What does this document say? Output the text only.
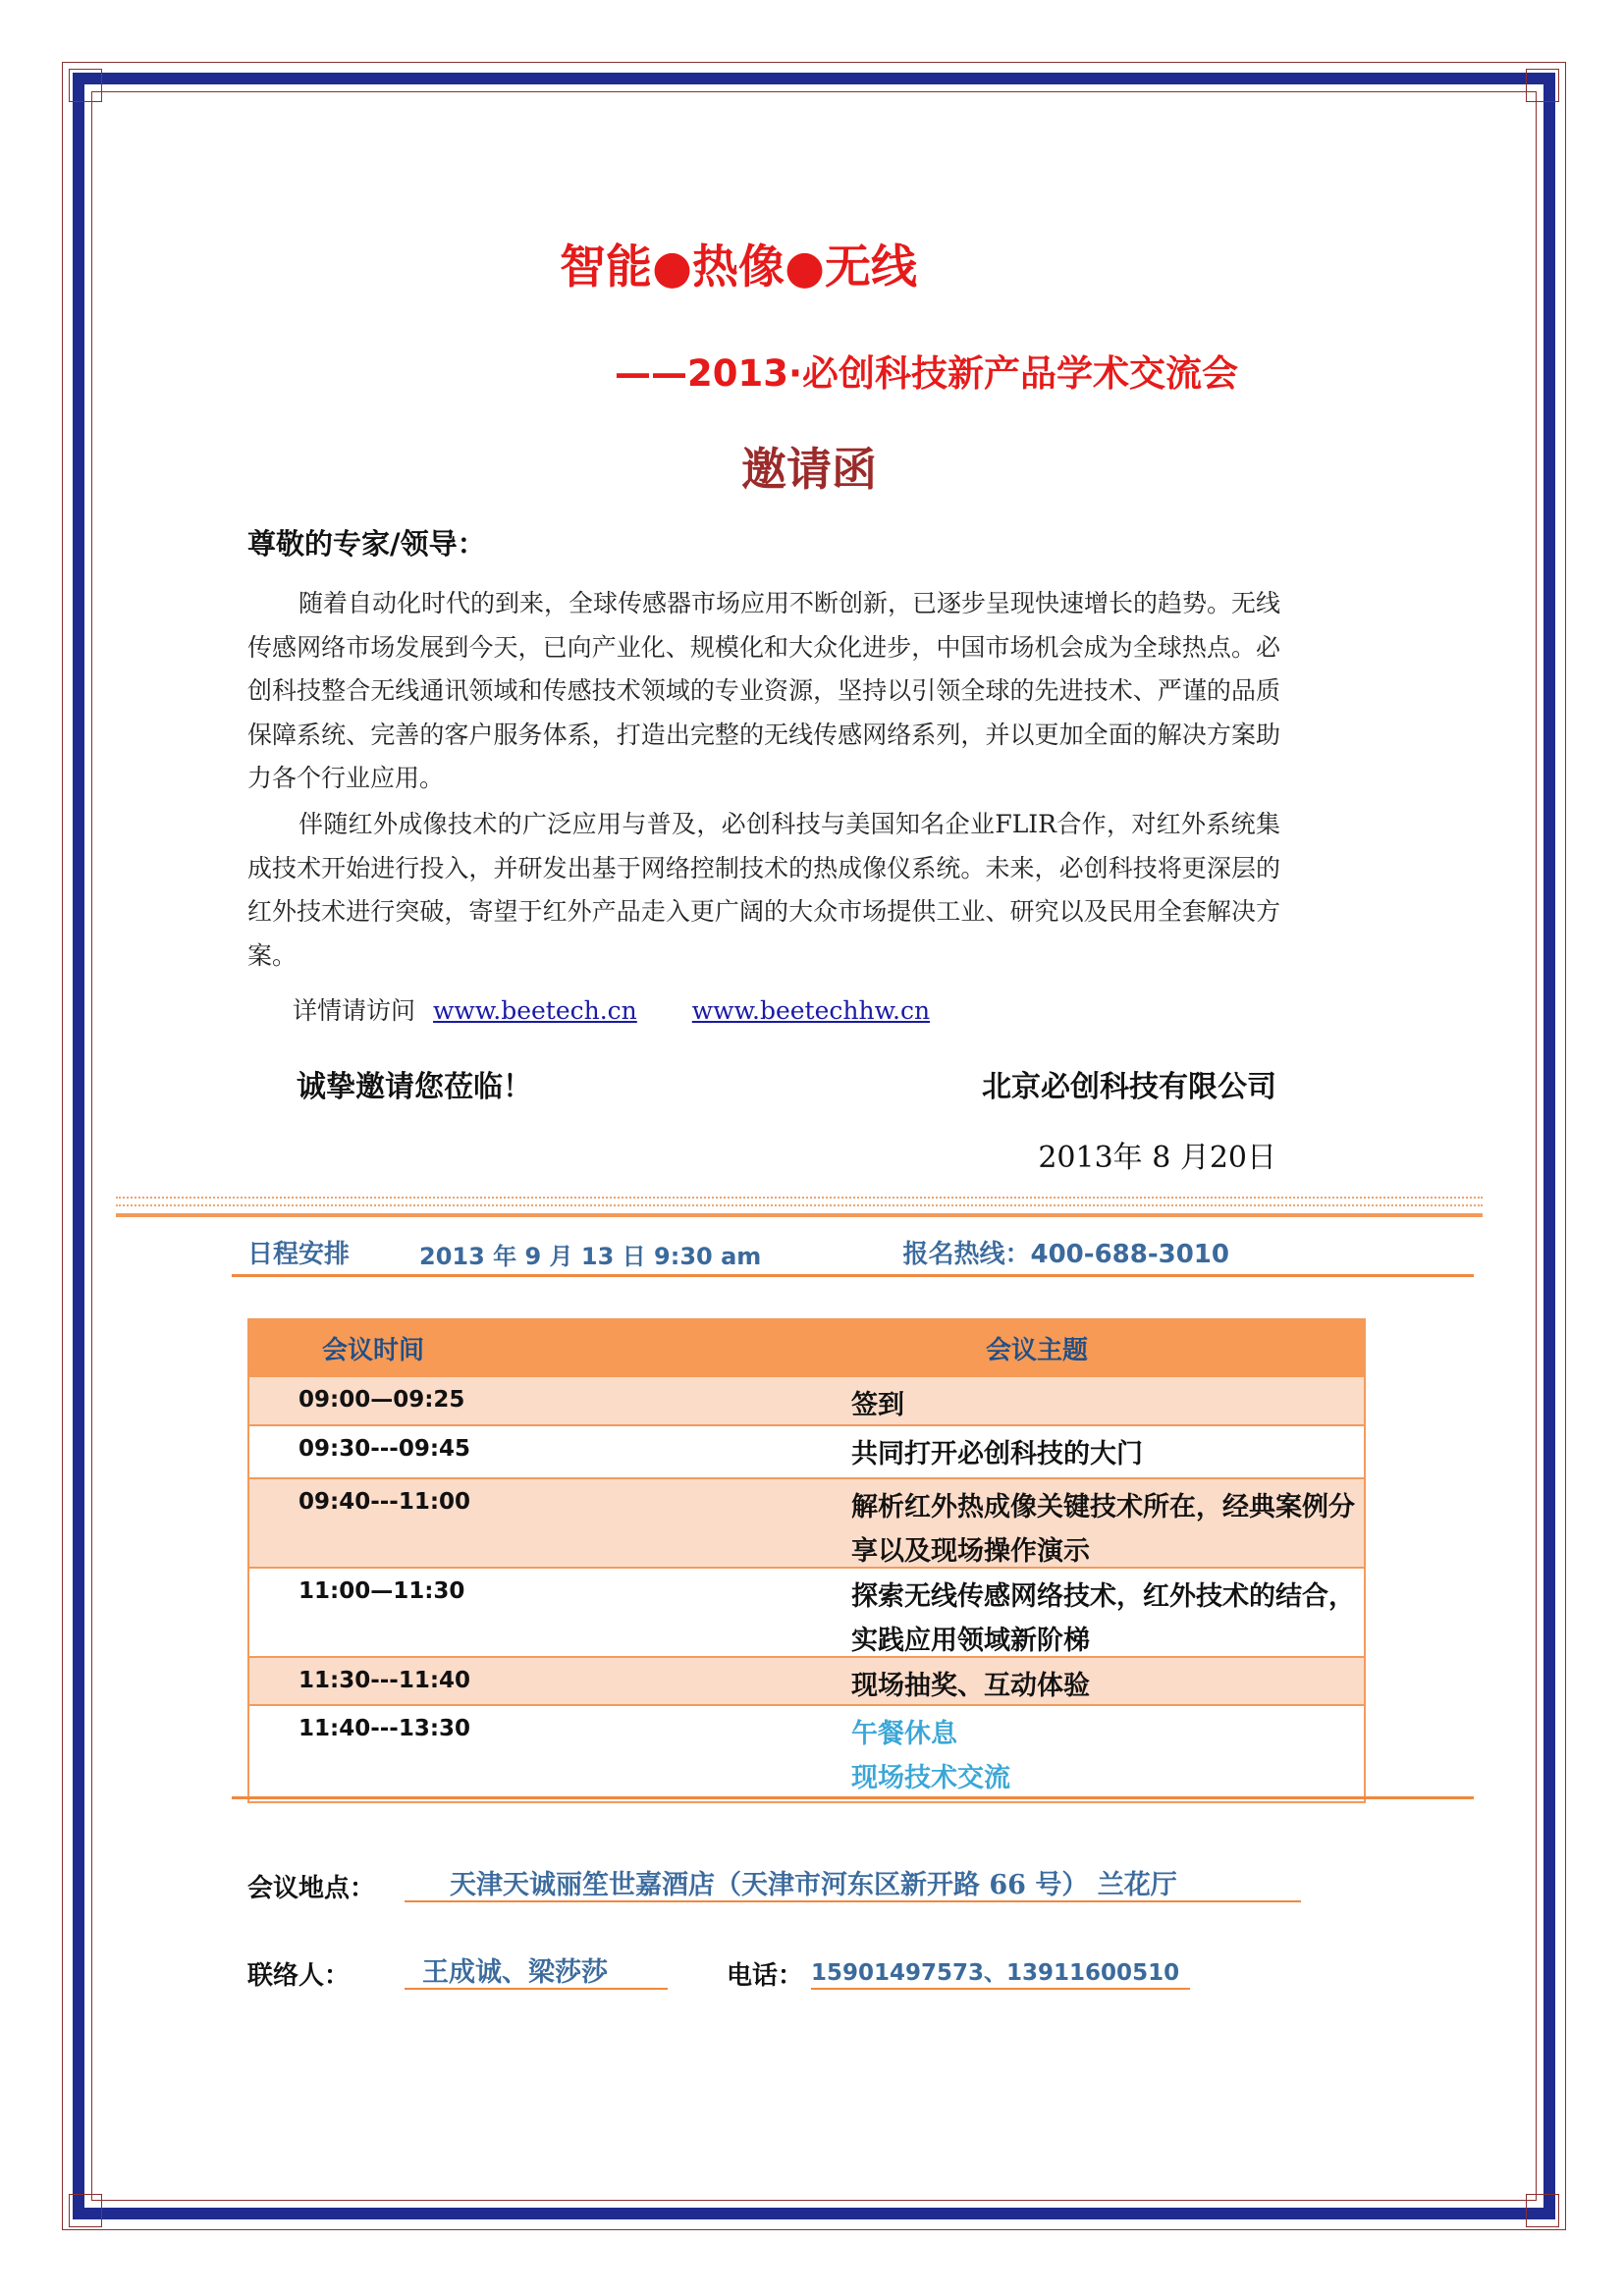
智能●热像●无线
——2013·必创科技新产品学术交流会
邀请函
尊敬的专家/领导：
随着自动化时代的到来，全球传感器市场应用不断创新，已逐步呈现快速增长的趋势。无线传感网络市场发展到今天，已向产业化、规模化和大众化进步，中国市场机会成为全球热点。必创科技整合无线通讯领域和传感技术领域的专业资源，坚持以引领全球的先进技术、严谨的品质保障系统、完善的客户服务体系，打造出完整的无线传感网络系列，并以更加全面的解决方案助力各个行业应用。
伴随红外成像技术的广泛应用与普及，必创科技与美国知名企业FLIR合作，对红外系统集成技术开始进行投入，并研发出基于网络控制技术的热成像仪系统。未来，必创科技将更深层的红外技术进行突破，寄望于红外产品走入更广阔的大众市场提供工业、研究以及民用全套解决方案。
详情请访问 www.beetech.cn www.beetechhw.cn
诚挚邀请您莅临！	北京必创科技有限公司
2013年 8 月20日
日程安排	2013 年 9 月 13 日 9:30 am	报名热线：400-688-3010
会议时间	会议主题
09:00—09:25	签到
09:30---09:45	共同打开必创科技的大门
09:40---11:00	解析红外热成像关键技术所在，经典案例分享以及现场操作演示
11:00—11:30	探索无线传感网络技术，红外技术的结合，实践应用领域新阶梯
11:30---11:40	现场抽奖、互动体验
11:40---13:30	午餐休息
现场技术交流
会议地点：	天津天诚丽笙世嘉酒店（天津市河东区新开路 66 号） 兰花厅
联络人：	王成诚、梁莎莎	电话： 15901497573、13911600510
